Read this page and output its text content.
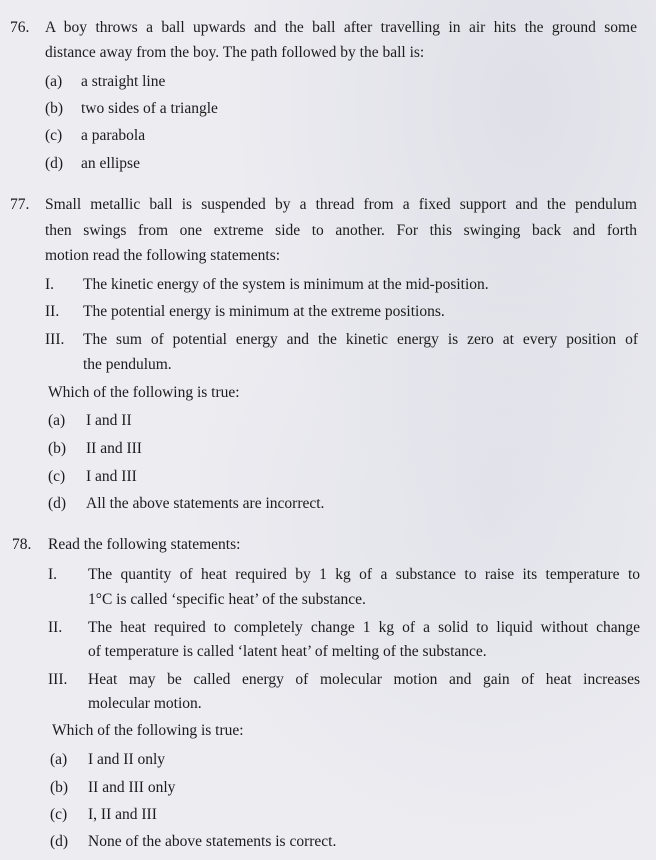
76. A boy throws a ball upwards and the ball after travelling in air hits the ground some
distance away from the boy. The path followed by the ball is:
(a) a straight line
(b) two sides of a triangle
(c) a parabola
(d) an ellipse
77. Small metallic ball is suspended by a thread from a fixed support and the pendulum
then swings from one extreme side to another. For this swinging back and forth
motion read the following statements:
I. The kinetic energy of the system is minimum at the mid-position.
II. The potential energy is minimum at the extreme positions.
III. The sum of potential energy and the kinetic energy is zero at every position of
the pendulum.
Which of the following is true:
(a) I and II
(b) II and III
(c) I and III
(d) All the above statements are incorrect.
78. Read the following statements:
I. The quantity of heat required by 1 kg of a substance to raise its temperature to
1°C is called ‘specific heat’ of the substance.
II. The heat required to completely change 1 kg of a solid to liquid without change
of temperature is called ‘latent heat’ of melting of the substance.
III. Heat may be called energy of molecular motion and gain of heat increases
molecular motion.
Which of the following is true:
(a) I and II only
(b) II and III only
(c) I, II and III
(d) None of the above statements is correct.
